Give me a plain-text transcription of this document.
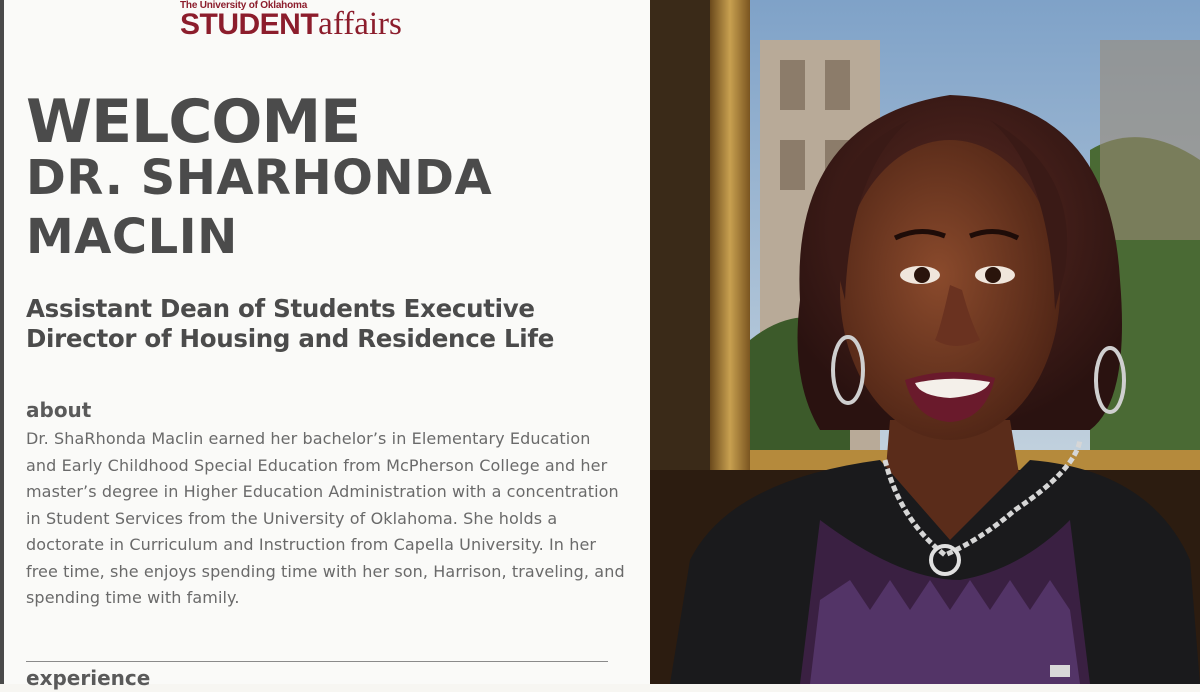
The University of Oklahoma
STUDENTaffairs
WELCOME
DR. SHARHONDA
MACLIN
Assistant Dean of Students Executive Director of Housing and Residence Life
about

Dr. ShaRhonda Maclin earned her bachelor’s in Elementary Education and Early Childhood Special Education from McPherson College and her master’s degree in Higher Education Administration with a concentration in Student Services from the University of Oklahoma. She holds a doctorate in Curriculum and Instruction from Capella University. In her free time, she enjoys spending time with her son, Harrison, traveling, and spending time with family.

experience
